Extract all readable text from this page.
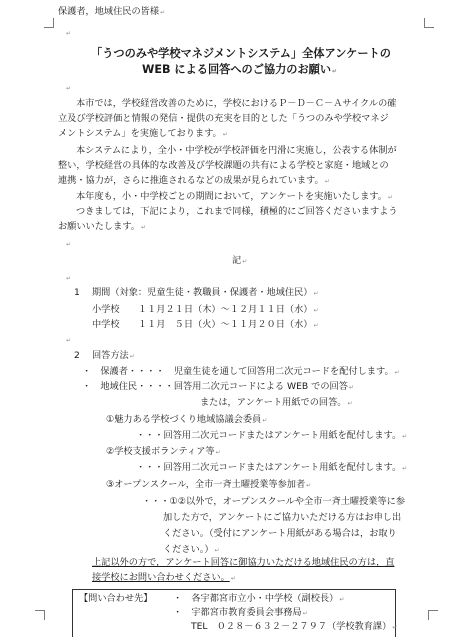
保護者，地域住民の皆様↵
↵
「うつのみや学校マネジメントシステム」全体アンケートの
WEB による回答へのご協力のお願い↵
↵
本市では，学校経営改善のために，学校におけるＰ－Ｄ－Ｃ－Ａサイクルの確
立及び学校評価と情報の発信・提供の充実を目的とした「うつのみや学校マネジ
メントシステム」を実施しております。↵
本システムにより，全小・中学校が学校評価を円滑に実施し，公表する体制が
整い，学校経営の具体的な改善及び学校課題の共有による学校と家庭・地域との
連携・協力が，さらに推進されるなどの成果が見られています。↵
本年度も，小・中学校ごとの期間において，アンケートを実施いたします。↵
つきましては，下記により，これまで同様，積極的にご回答くださいますよう
お願いいたします。↵
↵
記↵
↵
1　 期間（対象：児童生徒・教職員・保護者・地域住民）↵
小学校　　１１月２１日（木）～１２月１１日（水）↵
中学校　　１１月　５日（火）～１１月２０日（水）↵
↵
2　 回答方法↵
・　保護者・・・・　児童生徒を通して回答用二次元コードを配付します。↵
・　地域住民・・・・回答用二次元コードによる WEB での回答↵
または，アンケート用紙での回答。↵
①魅力ある学校づくり地域協議会委員↵
・・・回答用二次元コードまたはアンケート用紙を配付します。↵
②学校支援ボランティア等↵
・・・回答用二次元コードまたはアンケート用紙を配付します。↵
③オープンスクール，全市一斉土曜授業等参加者↵
・・・①②以外で，オープンスクールや全市一斉土曜授業等に参
加した方で，アンケートにご協力いただける方はお申し出
ください。（受付にアンケート用紙がある場合は，お取り
ください。）↵
上記以外の方で，アンケート回答に御協力いただける地域住民の方は，直
接学校にお問い合わせください。↵
【問い合わせ先】 ・　各宇都宮市立小・中学校（副校長）↵
・　宇都宮市教育委員会事務局↵
TEL　０２８－６３２－２７９７（学校教育課）↵
